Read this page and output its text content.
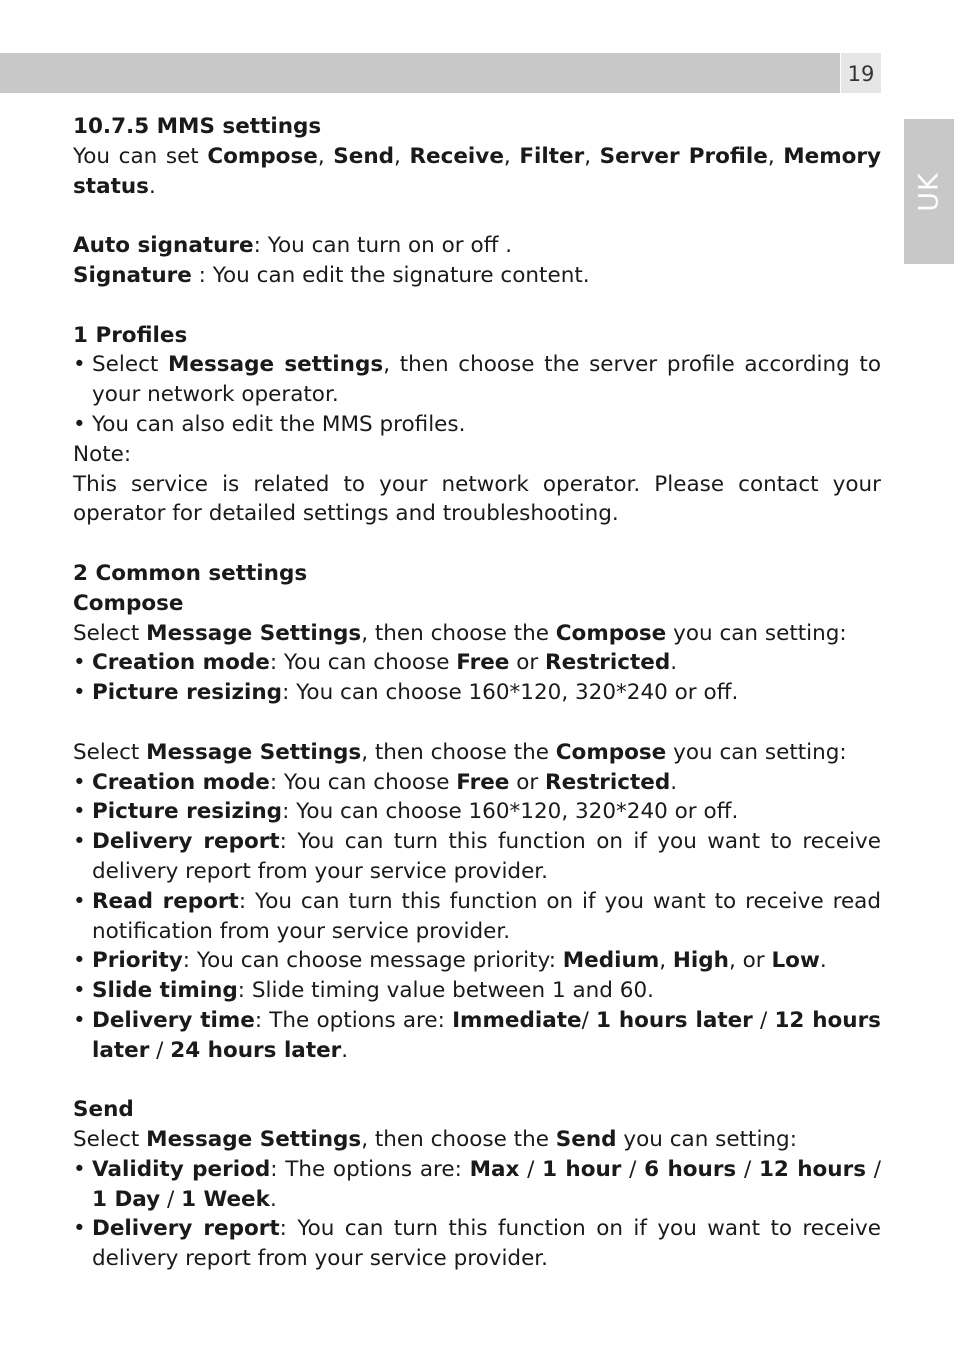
19
UK

10.7.5 MMS settings

You can set Compose, Send, Receive, Filter, Server Profile, Memory status.

Auto signature: You can turn on or off .

Signature : You can edit the signature content.

1 Profiles

• Select Message settings, then choose the server profile according to your network operator.
• You can also edit the MMS profiles.

Note:

This service is related to your network operator. Please contact your operator for detailed settings and troubleshooting.

2 Common settings

Compose

Select Message Settings, then choose the Compose you can setting:

• Creation mode: You can choose Free or Restricted.
• Picture resizing: You can choose 160*120, 320*240 or off.

Select Message Settings, then choose the Compose you can setting:

• Creation mode: You can choose Free or Restricted.
• Picture resizing: You can choose 160*120, 320*240 or off.
• Delivery report: You can turn this function on if you want to receive delivery report from your service provider.
• Read report: You can turn this function on if you want to receive read notification from your service provider.
• Priority: You can choose message priority: Medium, High, or Low.
• Slide timing: Slide timing value between 1 and 60.
• Delivery time: The options are: Immediate/ 1 hours later / 12 hours later / 24 hours later.

Send

Select Message Settings, then choose the Send you can setting:

• Validity period: The options are: Max / 1 hour / 6 hours / 12 hours / 1 Day / 1 Week.
• Delivery report: You can turn this function on if you want to receive delivery report from your service provider.
